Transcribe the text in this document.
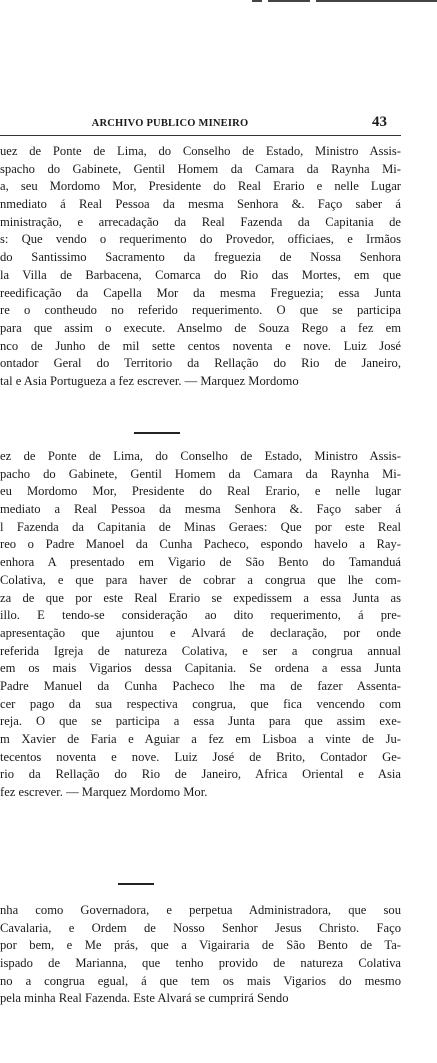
ARCHIVO PUBLICO MINEIRO	43
uez de Ponte de Lima, do Conselho de Estado, Ministro Assis-
spacho do Gabinete, Gentil Homem da Camara da Raynha Mi-
a, seu Mordomo Mor, Presidente do Real Erario e nelle Lugar
nmediato á Real Pessoa da mesma Senhora &. Faço saber á
ministração, e arrecadação da Real Fazenda da Capitania de
s: Que vendo o requerimento do Provedor, officiaes, e Irmãos
do Santissimo Sacramento da freguezia de Nossa Senhora
la Villa de Barbacena, Comarca do Rio das Mortes, em que
reedificação da Capella Mor da mesma Freguezia; essa Junta
re o contheudo no referido requerimento. O que se participa
para que assim o execute. Anselmo de Souza Rego a fez em
nco de Junho de mil sette centos noventa e nove. Luiz José
ontador Geral do Territorio da Rellação do Rio de Janeiro,
tal e Asia Portugueza a fez escrever. — Marquez Mordomo
ez de Ponte de Lima, do Conselho de Estado, Ministro Assis-
pacho do Gabinete, Gentil Homem da Camara da Raynha Mi-
eu Mordomo Mor, Presidente do Real Erario, e nelle lugar
mediato a Real Pessoa da mesma Senhora &. Faço saber á
l Fazenda da Capitania de Minas Geraes: Que por este Real
reo o Padre Manoel da Cunha Pacheco, espondo havelo a Ray-
enhora A presentado em Vigario de São Bento do Tamanduá
Colativa, e que para haver de cobrar a congrua que lhe com-
za de que por este Real Erario se expedissem a essa Junta as
illo. E tendo-se consideração ao dito requerimento, á pre-
apresentação que ajuntou e Alvará de declaração, por onde
referida Igreja de natureza Colativa, e ser a congrua annual
em os mais Vigarios dessa Capitania. Se ordena a essa Junta
Padre Manuel da Cunha Pacheco lhe ma de fazer Assenta-
cer pago da sua respectiva congrua, que fica vencendo com
reja. O que se participa a essa Junta para que assim exe-
m Xavier de Faria e Aguiar a fez em Lisboa a vinte de Ju-
tecentos noventa e nove. Luiz José de Brito, Contador Ge-
rio da Rellação do Rio de Janeiro, Africa Oriental e Asia
fez escrever. — Marquez Mordomo Mor.
nha como Governadora, e perpetua Administradora, que sou
Cavalaria, e Ordem de Nosso Senhor Jesus Christo. Faço
por bem, e Me prás, que a Vigairaria de São Bento de Ta-
ispado de Marianna, que tenho provido de natureza Colativa
no a congrua egual, á que tem os mais Vigarios do mesmo
pela minha Real Fazenda. Este Alvará se cumprirá Sendo
